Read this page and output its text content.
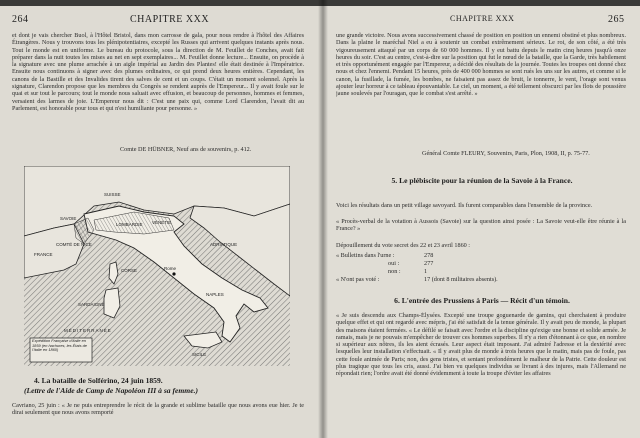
264	CHAPITRE XXX
et dont je vais chercher Buol, à l'Hôtel Bristol, dans mon carrosse de gala, pour nous rendre à l'hôtel des Affaires Étrangères. Nous y trouvons tous les plénipotentiaires, excepté les Russes qui arrivent quelques instants après nous. Tout le monde est en uniforme. Le bureau du protocole, sous la direction de M. Feuillet de Conches, avait fait préparer dans la nuit toutes les mises au net en sept exemplaires... M. Feuillet donne lecture... Ensuite, on procède à la signature avec une plume arrachée à un aigle impérial au Jardin des Plantes! elle était destinée à l'Impératrice. Ensuite nous continuons à signer avec des plumes ordinaires, ce qui prend deux heures entières. Cependant, les canons de la Bastille et des Invalides tirent des salves de cent et un coups. C'était un moment solennel. Après la signature, Clarendon propose que les membres du Congrès se rendent auprès de l'Empereur... Il y avait foule sur le quai et sur tout le parcours; tout le monde nous saluait avec effusion, et beaucoup de personnes, hommes et femmes, versaient des larmes de joie. L'Empereur nous dit : C'est une paix qui, comme Lord Clarendon, l'avait dit au Parlement, est honorable pour tous et qui n'est humiliante pour personne. »
Comte DE HÜBNER, Neuf ans de souvenirs, p. 412.
SUISSE
FRANCE
SAVOIE
COMTÉ DE NICE
CORSE
SARDAIGNE
MÉDITERRANÉE
SICILE
LOMBARDIE VÉNÉTIE
NAPLES
Rome
ADRIATIQUE
Expédition Française d'Italie en 1859 (en hachures, les États de l'Italie en 1860)
4. La bataille de Solférino, 24 juin 1859.
(Lettre de l'Aide de Camp de Napoléon III à sa femme.)
Cavriano, 25 juin : « Je ne puis entreprendre le récit de la grande et sublime bataille que nous avons eue hier. Je te dirai seulement que nous avons remporté
CHAPITRE XXX	265
une grande victoire. Nous avons successivement chassé de position en position un ennemi obstiné et plus nombreux. Dans la plaine le maréchal Niel a eu à soutenir un combat extrêmement sérieux. Le roi, de son côté, a été très vigoureusement attaqué par un corps de 60 000 hommes. Il y eut battu depuis le matin cinq heures jusqu'à onze heures du soir. C'est au centre, c'est-à-dire sur la position qui fut le nœud de la bataille, que la Garde, très habilement et très opportunément engagée par l'Empereur, a décidé des résultats de la journée. Toutes les troupes ont donné chez nous et chez l'ennemi. Pendant 15 heures, près de 400 000 hommes se sont rués les uns sur les autres, et comme si le canon, la fusillade, la fumée, les bombes, ne faisaient pas assez de bruit, le tonnerre, le vent, l'orage sont venus ajouter leur horreur à ce tableau épouvantable. Le ciel, un moment, a été tellement obscurci par les flots de poussière jaune soulevés par l'ouragan, que le combat s'est arrêté. »
Général Comte FLEURY, Souvenirs, Paris, Plon, 1908, II, p. 75-77.
5. Le plébiscite pour la réunion de la Savoie à la France.
Voici les résultats dans un petit village savoyard. Ils furent comparables dans l'ensemble de la province.
« Procès-verbal de la votation à Aussois (Savoie) sur la question ainsi posée : La Savoie veut-elle être réunie à la France? »
Dépouillement du vote secret des 22 et 23 avril 1860 :
« Bulletins dans l'urne :	278
oui :	277
non :	1
« N'ont pas voté :	17 (dont 8 militaires absents).
6. L'entrée des Prussiens à Paris — Récit d'un témoin.
« Je suis descendu aux Champs-Élysées. Excepté une troupe goguenarde de gamins, qui cherchaient à produire quelque effet et qui ont regardé avec mépris, j'ai été satisfait de la tenue générale. Il y avait peu de monde, la plupart des maisons étaient fermées. « Le défilé se faisait avec l'ordre et la discipline qu'exige une bonne et solide armée. Je ramais, mais je ne pouvais m'empêcher de trouver ces hommes superbes. Il n'y a rien d'étonnant à ce que, en nombre si supérieur aux nôtres, ils les aient écrasés. Leur aspect était imposant. J'ai admiré l'adresse et la dextérité avec lesquelles leur installation s'effectuait. « Il y avait plus de monde à trois heures que le matin, mais pas de foule, pas cette foule animée de Paris; non, des gens tristes, et sentant profondément le malheur de la Patrie. Cette douleur est plus tragique que tous les cris, aussi. J'ai bien vu quelques individus se livrant à des injures, mais l'Allemand ne répondait rien; l'ordre avait été donné évidemment à toute la troupe d'éviter les affaires
